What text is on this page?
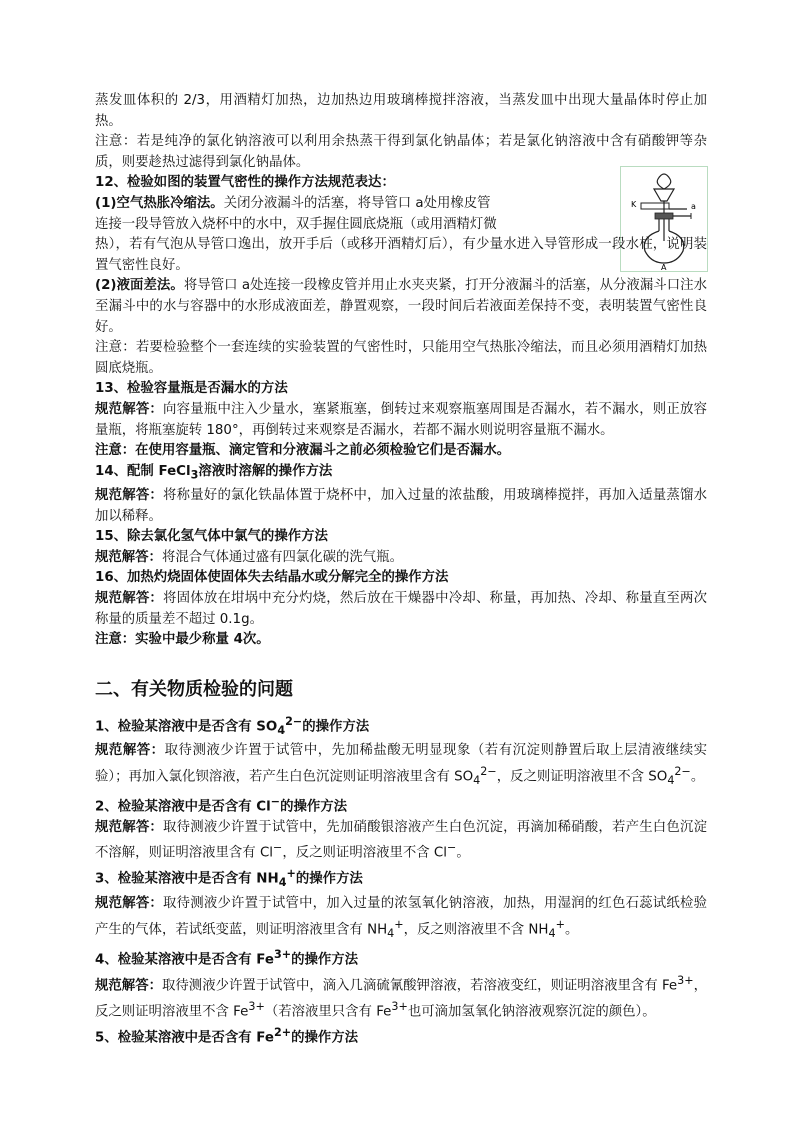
K	a
A

蒸发皿体积的 2/3，用酒精灯加热，边加热边用玻璃棒搅拌溶液，当蒸发皿中出现大量晶体时停止加热。

注意：若是纯净的氯化钠溶液可以利用余热蒸干得到氯化钠晶体；若是氯化钠溶液中含有硝酸钾等杂质，则要趁热过滤得到氯化钠晶体。

12、检验如图的装置气密性的操作方法规范表达：

(1)空气热胀冷缩法。关闭分液漏斗的活塞，将导管口 a处用橡皮管

连接一段导管放入烧杯中的水中，双手握住圆底烧瓶（或用酒精灯微

热），若有气泡从导管口逸出，放开手后（或移开酒精灯后），有少量水进入导管形成一段水柱，说明装置气密性良好。

(2)液面差法。将导管口 a处连接一段橡皮管并用止水夹夹紧，打开分液漏斗的活塞，从分液漏斗口注水至漏斗中的水与容器中的水形成液面差，静置观察，一段时间后若液面差保持不变，表明装置气密性良好。

注意：若要检验整个一套连续的实验装置的气密性时，只能用空气热胀冷缩法，而且必须用酒精灯加热圆底烧瓶。

13、检验容量瓶是否漏水的方法

规范解答：向容量瓶中注入少量水，塞紧瓶塞，倒转过来观察瓶塞周围是否漏水，若不漏水，则正放容量瓶，将瓶塞旋转 180°，再倒转过来观察是否漏水，若都不漏水则说明容量瓶不漏水。

注意：在使用容量瓶、滴定管和分液漏斗之前必须检验它们是否漏水。

14、配制 FeCl$_3$溶液时溶解的操作方法

规范解答：将称量好的氯化铁晶体置于烧杯中，加入过量的浓盐酸，用玻璃棒搅拌，再加入适量蒸馏水加以稀释。

15、除去氯化氢气体中氯气的操作方法

规范解答：将混合气体通过盛有四氯化碳的洗气瓶。

16、加热灼烧固体使固体失去结晶水或分解完全的操作方法

规范解答：将固体放在坩埚中充分灼烧，然后放在干燥器中冷却、称量，再加热、冷却、称量直至两次称量的质量差不超过 0.1g。

注意：实验中最少称量 4次。

二、有关物质检验的问题

1、检验某溶液中是否含有 $SO_4^{2-}$的操作方法

规范解答：取待测液少许置于试管中，先加稀盐酸无明显现象（若有沉淀则静置后取上层清液继续实验）；再加入氯化钡溶液，若产生白色沉淀则证明溶液里含有 $SO_4^{2-}$，反之则证明溶液里不含 $SO_4^{2-}$。

2、检验某溶液中是否含有 Cl−的操作方法

规范解答：取待测液少许置于试管中，先加硝酸银溶液产生白色沉淀，再滴加稀硝酸，若产生白色沉淀不溶解，则证明溶液里含有 Cl−，反之则证明溶液里不含 Cl−。

3、检验某溶液中是否含有 $NH_4^+$的操作方法

规范解答：取待测液少许置于试管中，加入过量的浓氢氧化钠溶液，加热，用湿润的红色石蕊试纸检验产生的气体，若试纸变蓝，则证明溶液里含有 $NH_4^+$，反之则溶液里不含 $NH_4^+$。

4、检验某溶液中是否含有 $Fe^{3+}$的操作方法

规范解答：取待测液少许置于试管中，滴入几滴硫氰酸钾溶液，若溶液变红，则证明溶液里含有 $Fe^{3+}$，反之则证明溶液里不含 $Fe^{3+}$（若溶液里只含有 $Fe^{3+}$也可滴加氢氧化钠溶液观察沉淀的颜色）。

5、检验某溶液中是否含有 $Fe^{2+}$的操作方法
